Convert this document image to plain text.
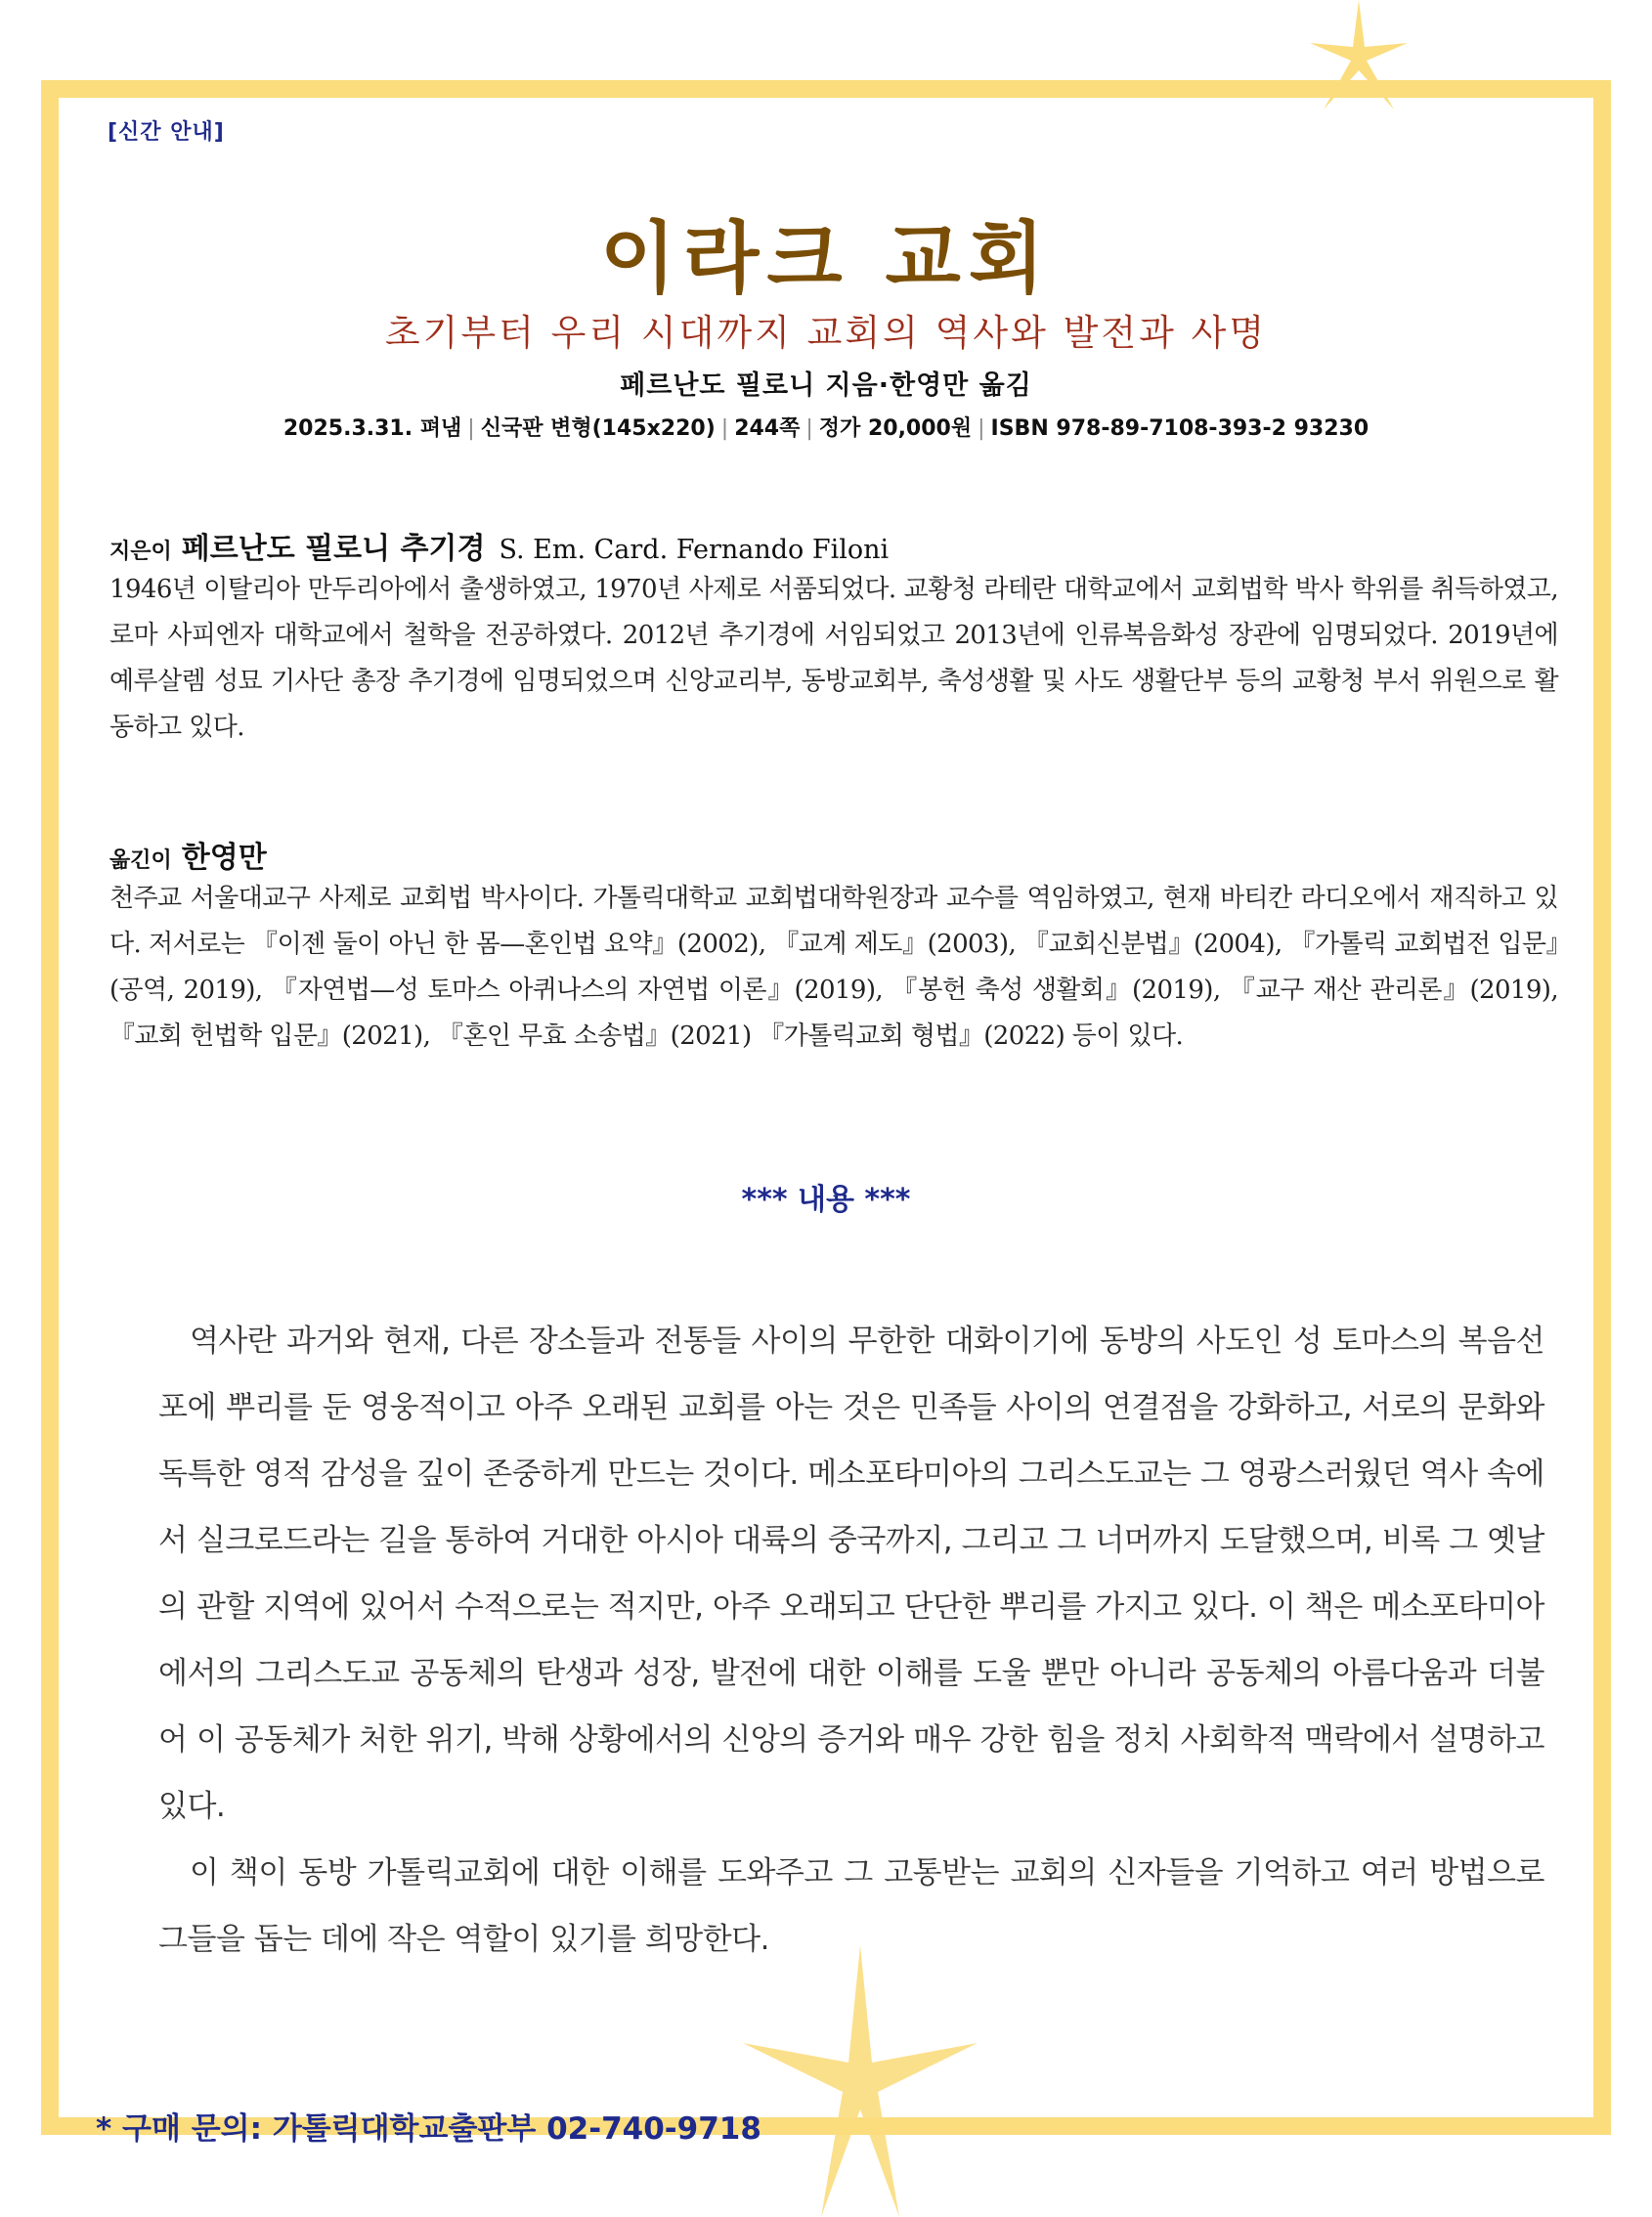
[신간 안내]
이라크 교회
초기부터 우리 시대까지 교회의 역사와 발전과 사명
페르난도 필로니 지음·한영만 옮김
2025.3.31. 펴냄 | 신국판 변형(145x220) | 244쪽 | 정가 20,000원 | ISBN 978-89-7108-393-2 93230
지은이 페르난도 필로니 추기경 S. Em. Card. Fernando Filoni
1946년 이탈리아 만두리아에서 출생하였고, 1970년 사제로 서품되었다. 교황청 라테란 대학교에서 교회법학 박사 학위를 취득하였고, 로마 사피엔자 대학교에서 철학을 전공하였다. 2012년 추기경에 서임되었고 2013년에 인류복음화성 장관에 임명되었다. 2019년에 예루살렘 성묘 기사단 총장 추기경에 임명되었으며 신앙교리부, 동방교회부, 축성생활 및 사도 생활단부 등의 교황청 부서 위원으로 활동하고 있다.
옮긴이 한영만
천주교 서울대교구 사제로 교회법 박사이다. 가톨릭대학교 교회법대학원장과 교수를 역임하였고, 현재 바티칸 라디오에서 재직하고 있다. 저서로는 『이젠 둘이 아닌 한 몸—혼인법 요약』(2002), 『교계 제도』(2003), 『교회신분법』(2004), 『가톨릭 교회법전 입문』(공역, 2019), 『자연법—성 토마스 아퀴나스의 자연법 이론』(2019), 『봉헌 축성 생활회』(2019), 『교구 재산 관리론』(2019), 『교회 헌법학 입문』(2021), 『혼인 무효 소송법』(2021) 『가톨릭교회 형법』(2022) 등이 있다.
*** 내용 ***

역사란 과거와 현재, 다른 장소들과 전통들 사이의 무한한 대화이기에 동방의 사도인 성 토마스의 복음선포에 뿌리를 둔 영웅적이고 아주 오래된 교회를 아는 것은 민족들 사이의 연결점을 강화하고, 서로의 문화와 독특한 영적 감성을 깊이 존중하게 만드는 것이다. 메소포타미아의 그리스도교는 그 영광스러웠던 역사 속에서 실크로드라는 길을 통하여 거대한 아시아 대륙의 중국까지, 그리고 그 너머까지 도달했으며, 비록 그 옛날의 관할 지역에 있어서 수적으로는 적지만, 아주 오래되고 단단한 뿌리를 가지고 있다. 이 책은 메소포타미아에서의 그리스도교 공동체의 탄생과 성장, 발전에 대한 이해를 도울 뿐만 아니라 공동체의 아름다움과 더불어 이 공동체가 처한 위기, 박해 상황에서의 신앙의 증거와 매우 강한 힘을 정치 사회학적 맥락에서 설명하고 있다.

이 책이 동방 가톨릭교회에 대한 이해를 도와주고 그 고통받는 교회의 신자들을 기억하고 여러 방법으로 그들을 돕는 데에 작은 역할이 있기를 희망한다.

* 구매 문의: 가톨릭대학교출판부 02-740-9718
